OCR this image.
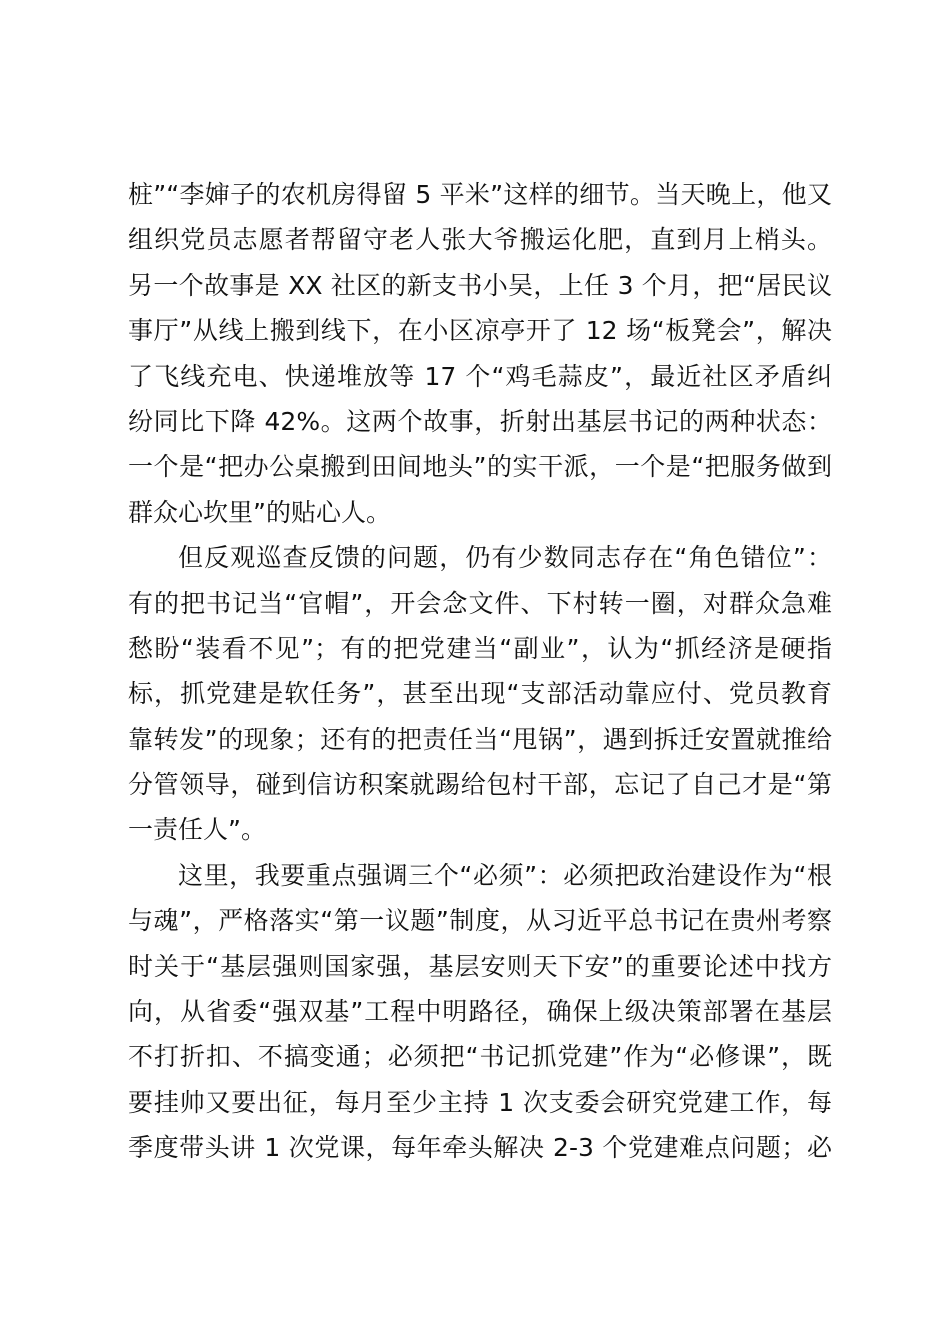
桩”“李婶子的农机房得留 5 平米”这样的细节。当天晚上，他又
组织党员志愿者帮留守老人张大爷搬运化肥，直到月上梢头。
另一个故事是 XX 社区的新支书小吴，上任 3 个月，把“居民议
事厅”从线上搬到线下，在小区凉亭开了 12 场“板凳会”，解决
了飞线充电、快递堆放等 17 个“鸡毛蒜皮”，最近社区矛盾纠
纷同比下降 42%。这两个故事，折射出基层书记的两种状态：
一个是“把办公桌搬到田间地头”的实干派，一个是“把服务做到
群众心坎里”的贴心人。
但反观巡查反馈的问题，仍有少数同志存在“角色错位”：
有的把书记当“官帽”，开会念文件、下村转一圈，对群众急难
愁盼“装看不见”；有的把党建当“副业”，认为“抓经济是硬指
标，抓党建是软任务”，甚至出现“支部活动靠应付、党员教育
靠转发”的现象；还有的把责任当“甩锅”，遇到拆迁安置就推给
分管领导，碰到信访积案就踢给包村干部，忘记了自己才是“第
一责任人”。
这里，我要重点强调三个“必须”：必须把政治建设作为“根
与魂”，严格落实“第一议题”制度，从习近平总书记在贵州考察
时关于“基层强则国家强，基层安则天下安”的重要论述中找方
向，从省委“强双基”工程中明路径，确保上级决策部署在基层
不打折扣、不搞变通；必须把“书记抓党建”作为“必修课”，既
要挂帅又要出征，每月至少主持 1 次支委会研究党建工作，每
季度带头讲 1 次党课，每年牵头解决 2-3 个党建难点问题；必
